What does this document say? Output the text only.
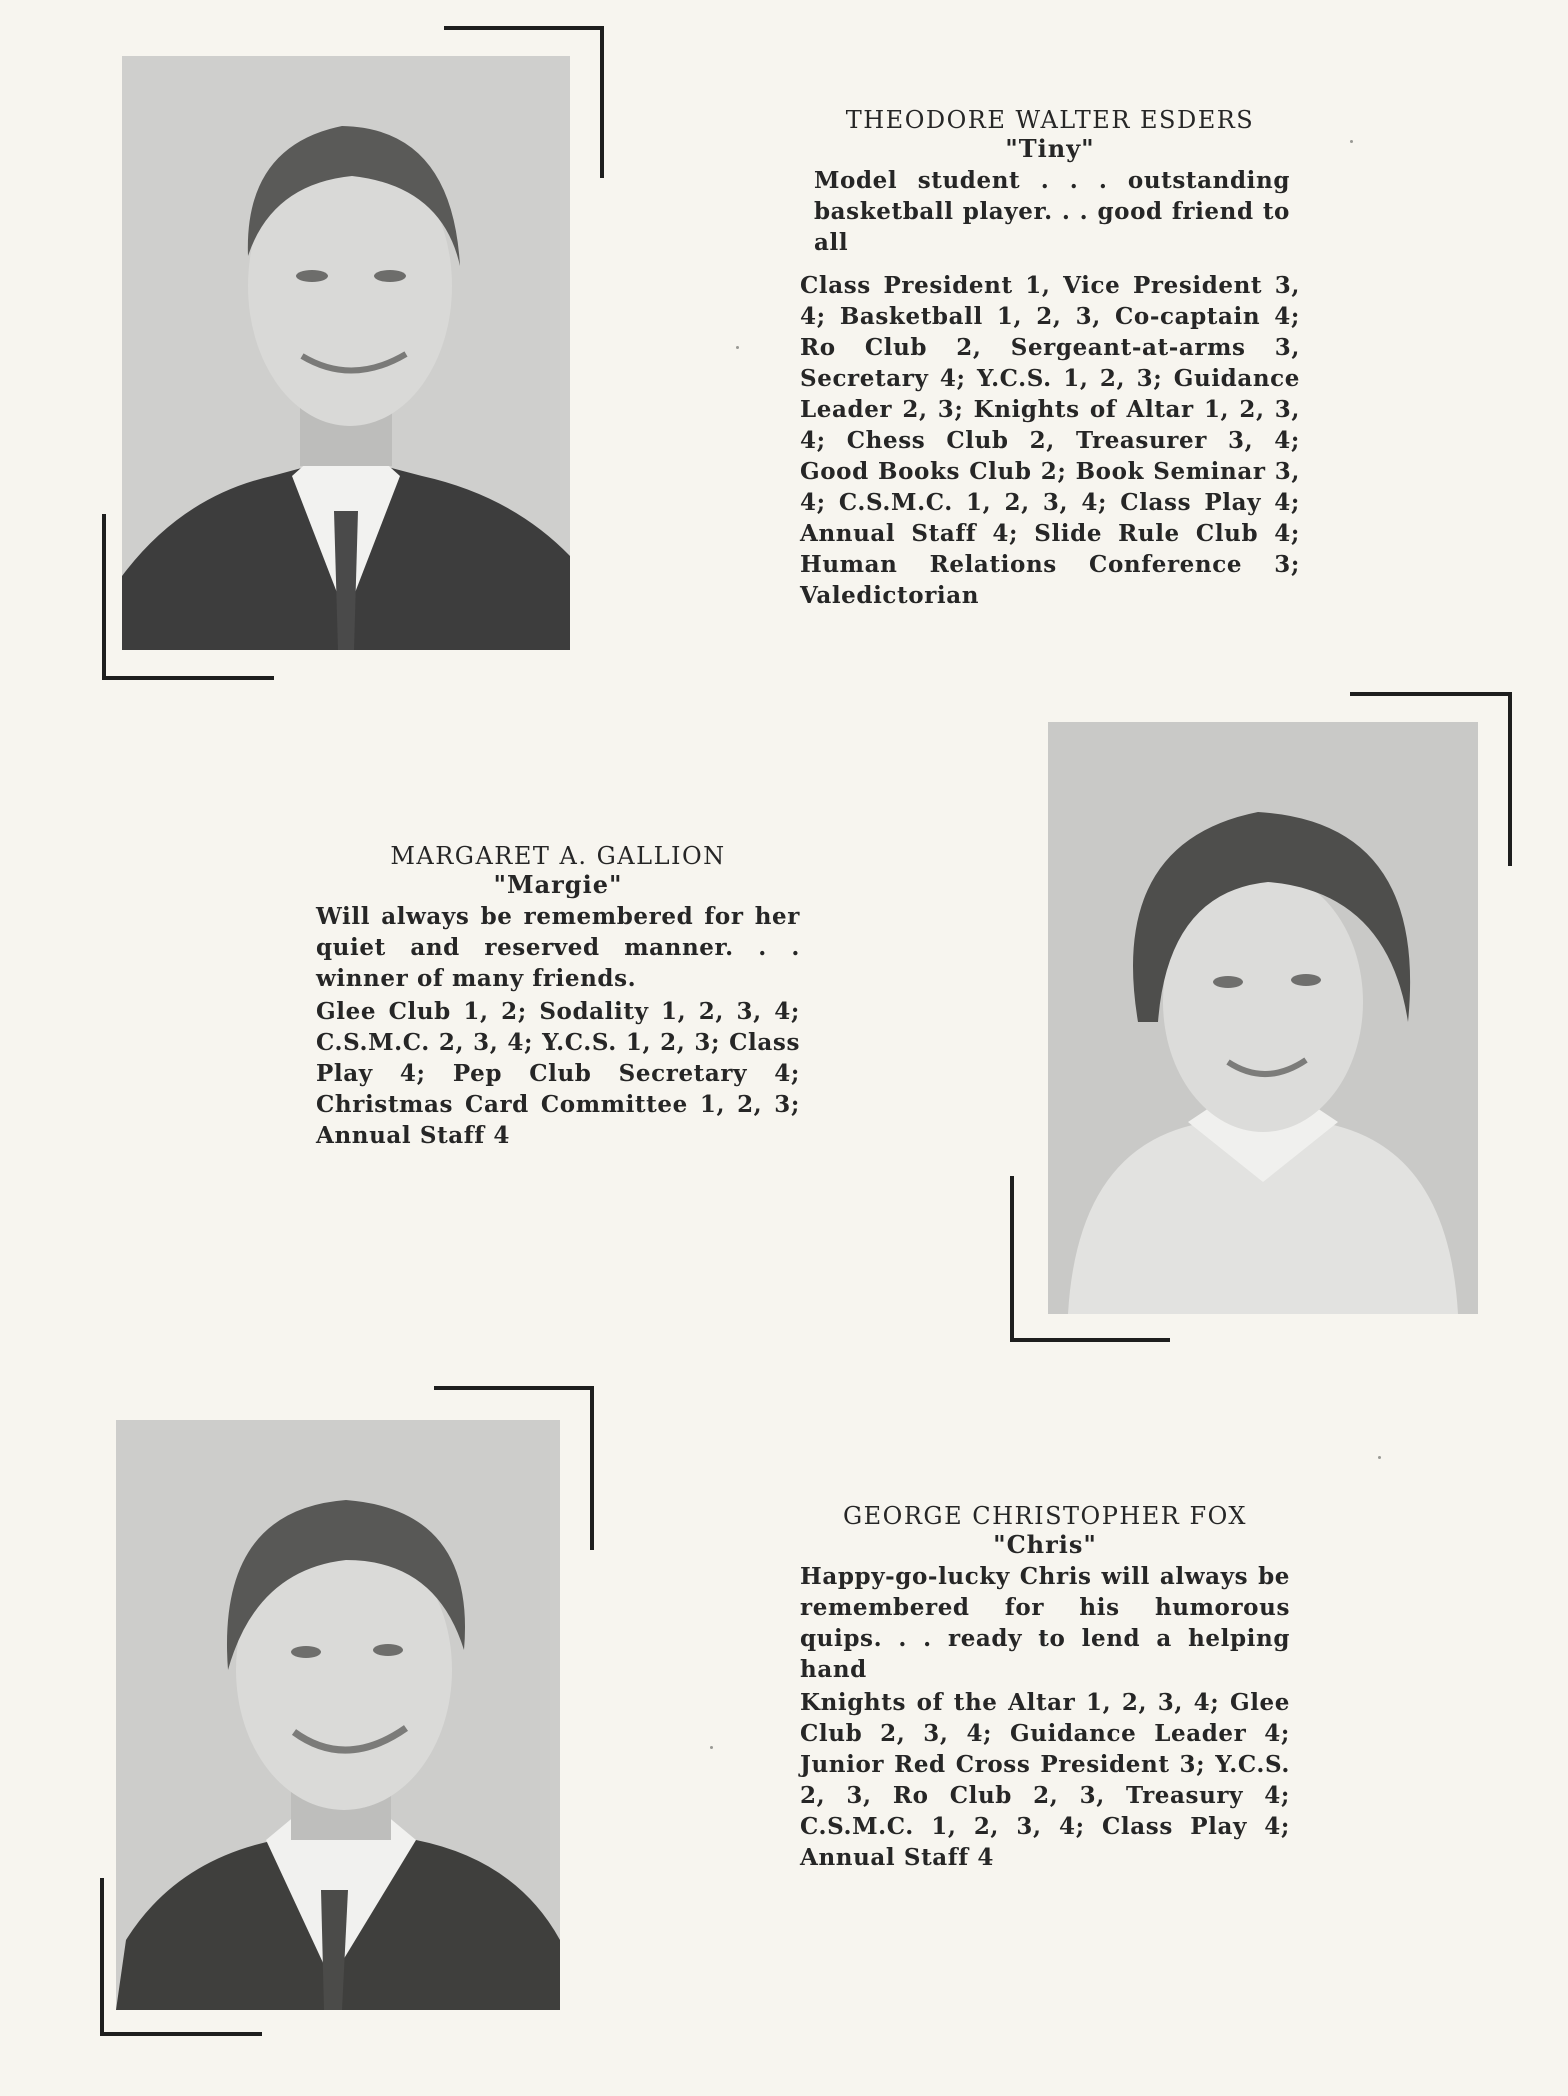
THEODORE WALTER ESDERS
"Tiny"
Model student . . . outstanding basketball player. . . good friend to all
Class President 1, Vice President 3, 4; Basketball 1, 2, 3, Co-captain 4; Ro Club 2, Sergeant-at-arms 3, Secretary 4; Y.C.S. 1, 2, 3; Guidance Leader 2, 3; Knights of Altar 1, 2, 3, 4; Chess Club 2, Treasurer 3, 4; Good Books Club 2; Book Seminar 3, 4; C.S.M.C. 1, 2, 3, 4; Class Play 4; Annual Staff 4; Slide Rule Club 4; Human Relations Conference 3; Valedictorian
MARGARET A. GALLION
"Margie"
Will always be remembered for her quiet and reserved manner. . . winner of many friends.
Glee Club 1, 2; Sodality 1, 2, 3, 4; C.S.M.C. 2, 3, 4; Y.C.S. 1, 2, 3; Class Play 4; Pep Club Secretary 4; Christmas Card Committee 1, 2, 3; Annual Staff 4
GEORGE CHRISTOPHER FOX
"Chris"
Happy-go-lucky Chris will always be remembered for his humorous quips. . . ready to lend a helping hand
Knights of the Altar 1, 2, 3, 4; Glee Club 2, 3, 4; Guidance Leader 4; Junior Red Cross President 3; Y.C.S. 2, 3, Ro Club 2, 3, Treasury 4; C.S.M.C. 1, 2, 3, 4; Class Play 4; Annual Staff 4
